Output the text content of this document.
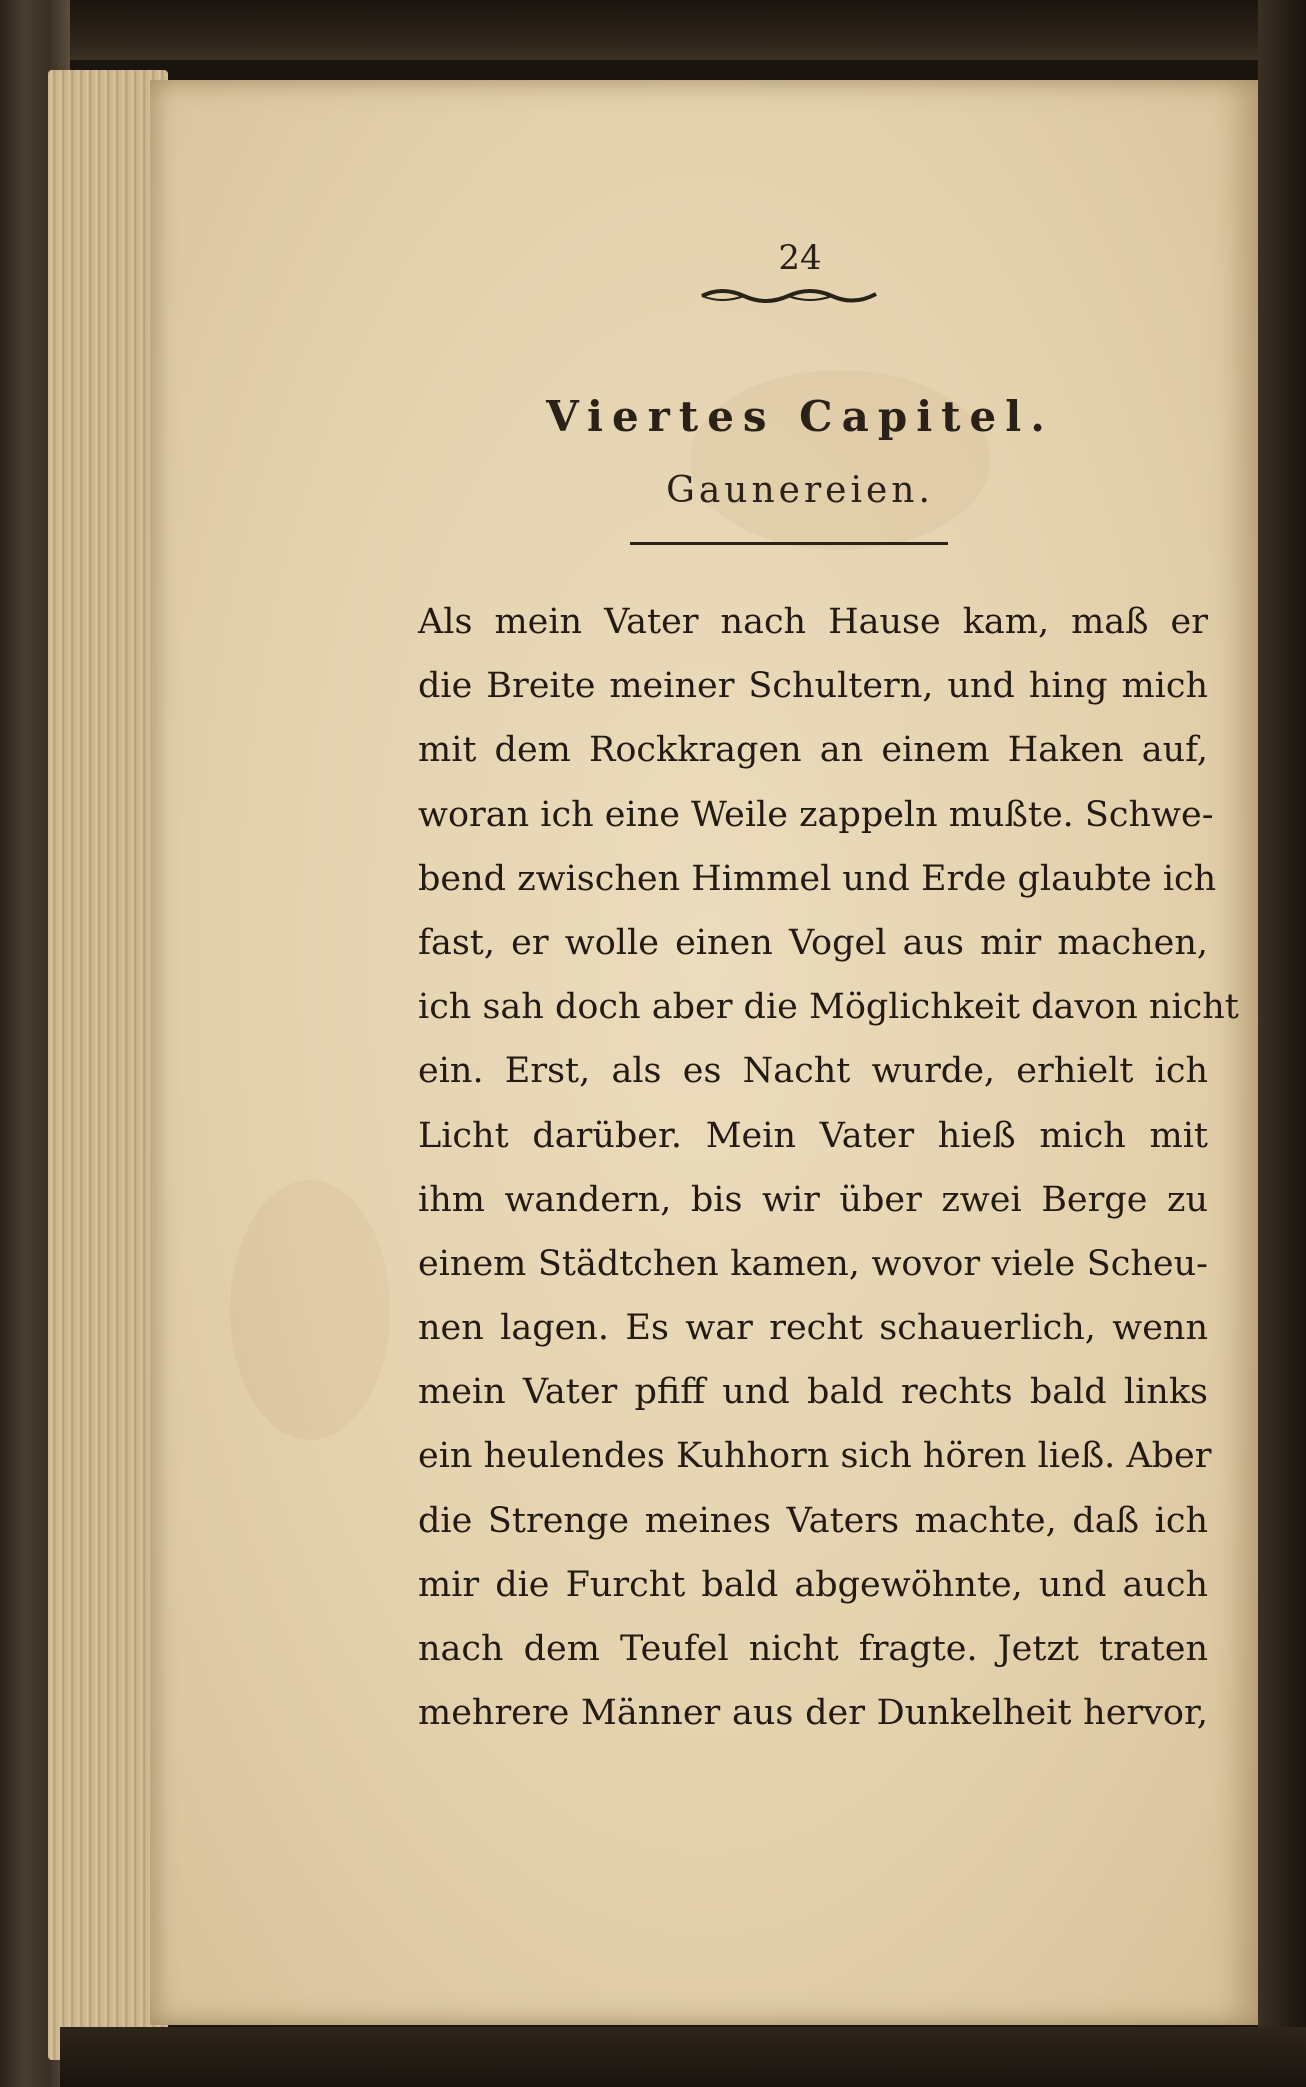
24
Viertes Capitel.
Gaunereien.
Als mein Vater nach Hause kam, maß er
die Breite meiner Schultern, und hing mich
mit dem Rockkragen an einem Haken auf,
woran ich eine Weile zappeln mußte. Schwe-
bend zwischen Himmel und Erde glaubte ich
fast, er wolle einen Vogel aus mir machen,
ich sah doch aber die Möglichkeit davon nicht
ein. Erst, als es Nacht wurde, erhielt ich
Licht darüber. Mein Vater hieß mich mit
ihm wandern, bis wir über zwei Berge zu
einem Städtchen kamen, wovor viele Scheu-
nen lagen. Es war recht schauerlich, wenn
mein Vater pfiff und bald rechts bald links
ein heulendes Kuhhorn sich hören ließ. Aber
die Strenge meines Vaters machte, daß ich
mir die Furcht bald abgewöhnte, und auch
nach dem Teufel nicht fragte. Jetzt traten
mehrere Männer aus der Dunkelheit hervor,
